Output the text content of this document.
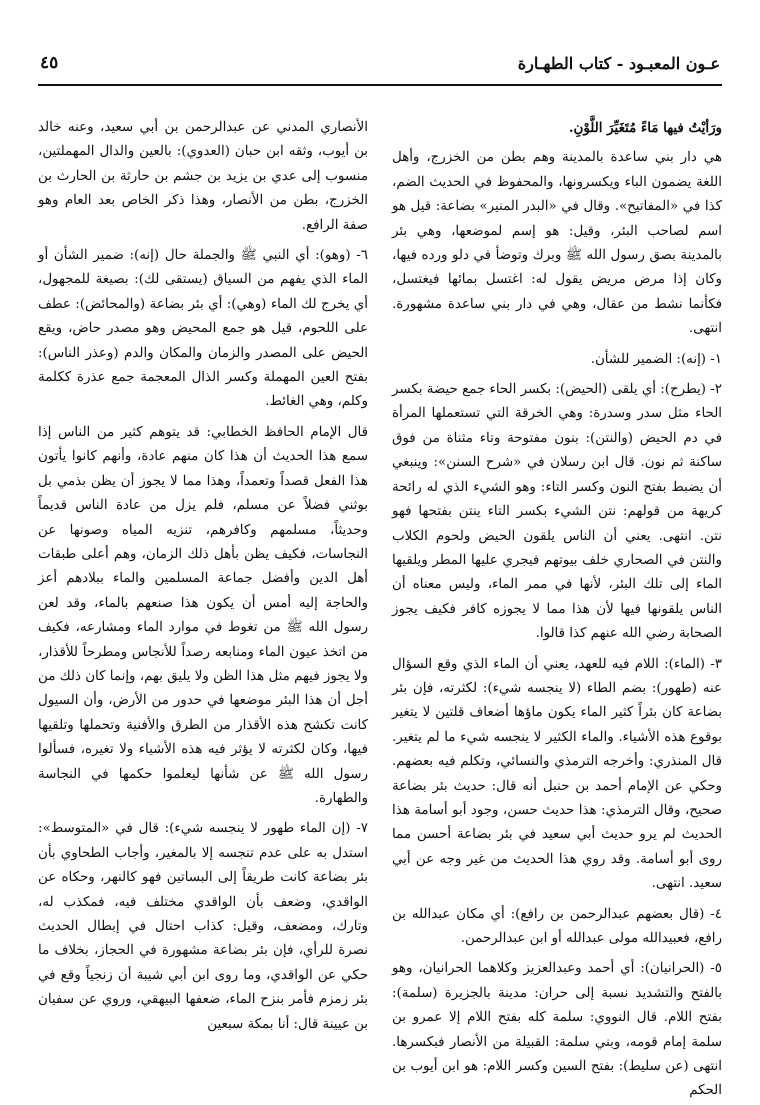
عـون المعبـود - كتاب الطهـارة
٤٥

ورَأيْتُ فيها مَاءً مُتَغَيِّرَ اللَّوْنِ.

هي دار بني ساعدة بالمدينة وهم بطن من الخزرج، وأهل اللغة يضمون الباء ويكسرونها، والمحفوظ في الحديث الضم، كذا في «المفاتيح». وقال في «البدر المنير» بضاعة: قيل هو اسم لصاحب البئر، وقيل: هو إسم لموضعها، وهي بئر بالمدينة بصق رسول الله ﷺ وبرك وتوضأ في دلو ورده فيها، وكان إذا مرض مريض يقول له: اغتسل بمائها فيغتسل، فكأنما نشط من عقال، وهي في دار بني ساعدة مشهورة. انتهى.

١- (إنه): الضمير للشأن.

٢- (يطرح): أي يلقى (الحيض): بكسر الحاء جمع حيضة بكسر الحاء مثل سدر وسدرة: وهي الخرقة التي تستعملها المرأة في دم الحيض (والنتن): بنون مفتوحة وتاء مثناة من فوق ساكنة ثم نون. قال ابن رسلان في «شرح السنن»: وينبغي أن يضبط بفتح النون وكسر التاء: وهو الشيء الذي له رائحة كريهة من قولهم: نتن الشيء بكسر التاء ينتن بفتحها فهو نتن. انتهى. يعني أن الناس يلقون الحيض ولحوم الكلاب والنتن في الصحاري خلف بيوتهم فيجري عليها المطر ويلقيها الماء إلى تلك البئر، لأنها في ممر الماء، وليس معناه أن الناس يلقونها فيها لأن هذا مما لا يجوزه كافر فكيف يجوز الصحابة رضي الله عنهم كذا قالوا.

٣- (الماء): اللام فيه للعهد، يعني أن الماء الذي وقع السؤال عنه (طهور): بضم الطاء (لا ينجسه شيء): لكثرته، فإن بئر بضاعة كان بئراً كثير الماء يكون ماؤها أضعاف قلتين لا يتغير بوقوع هذه الأشياء. والماء الكثير لا ينجسه شيء ما لم يتغير. قال المنذري: وأخرجه الترمذي والنسائي، وتكلم فيه بعضهم. وحكي عن الإمام أحمد بن حنبل أنه قال: حديث بئر بضاعة صحيح، وقال الترمذي: هذا حديث حسن، وجود أبو أسامة هذا الحديث لم يرو حديث أبي سعيد في بئر بضاعة أحسن مما روى أبو أسامة. وقد روي هذا الحديث من غير وجه عن أبي سعيد. انتهى.

٤- (قال بعضهم عبدالرحمن بن رافع): أي مكان عبدالله بن رافع، فعبيدالله مولى عبدالله أو ابن عبدالرحمن.

٥- (الحرانيان): أي أحمد وعبدالعزيز وكلاهما الحرانيان، وهو بالفتح والتشديد نسبة إلى حران: مدينة بالجزيرة (سلمة): بفتح اللام. قال النووي: سلمة كله بفتح اللام إلا عمرو بن سلمة إمام قومه، وبني سلمة: القبيلة من الأنصار فبكسرها. انتهى (عن سليط): بفتح السين وكسر اللام: هو ابن أيوب بن الحكم

الأنصاري المدني عن عبدالرحمن بن أبي سعيد، وعنه خالد بن أيوب، وثقه ابن حبان (العدوي): بالعين والدال المهملتين، منسوب إلى عدي بن يزيد بن جشم بن حارثة بن الحارث بن الخزرج، بطن من الأنصار، وهذا ذكر الخاص بعد العام وهو صفة الرافع.

٦- (وهو): أي النبي ﷺ والجملة حال (إنه): ضمير الشأن أو الماء الذي يفهم من السياق (يستقى لك): بصيغة للمجهول، أي يخرج لك الماء (وهي): أي بئر بضاعة (والمحائض): عطف على اللحوم، قيل هو جمع المحيض وهو مصدر حاض، ويقع الحيض على المصدر والزمان والمكان والدم (وعذر الناس): بفتح العين المهملة وكسر الذال المعجمة جمع عذرة ككلمة وكلم، وهي الغائط.

قال الإمام الحافظ الخطابي: قد يتوهم كثير من الناس إذا سمع هذا الحديث أن هذا كان منهم عادة، وأنهم كانوا يأتون هذا الفعل قصداً وتعمداً، وهذا مما لا يجوز أن يظن بذمي بل بوثني فضلاً عن مسلم، فلم يزل من عادة الناس قديماً وحديثاً، مسلمهم وكافرهم، تنزيه المياه وصونها عن النجاسات، فكيف يظن بأهل ذلك الزمان، وهم أعلى طبقات أهل الدين وأفضل جماعة المسلمين والماء ببلادهم أعز والحاجة إليه أمس أن يكون هذا صنعهم بالماء، وقد لعن رسول الله ﷺ من تغوط في موارد الماء ومشارعه، فكيف من اتخذ عيون الماء ومنابعه رصداً للأنجاس ومطرحاً للأقذار، ولا يجوز فيهم مثل هذا الظن ولا يليق بهم، وإنما كان ذلك من أجل أن هذا البئر موضعها في حدور من الأرض، وأن السيول كانت تكشح هذه الأقذار من الطرق والأفنية وتحملها وتلقيها فيها، وكان لكثرته لا يؤثر فيه هذه الأشياء ولا تغيره، فسألوا رسول الله ﷺ عن شأنها ليعلموا حكمها في النجاسة والطهارة.

٧- (إن الماء طهور لا ينجسه شيء): قال في «المتوسط»: استدل به على عدم تنجسه إلا بالمغير، وأجاب الطحاوي بأن بئر بضاعة كانت طريقاً إلى البساتين فهو كالنهر، وحكاه عن الواقدي، وضعف بأن الواقدي مختلف فيه، فمكذب له، وتارك، ومضعف، وقيل: كذاب احتال في إبطال الحديث نصرة للرأي، فإن بئر بضاعة مشهورة في الحجاز، بخلاف ما حكي عن الواقدي، وما روى ابن أبي شيبة أن زنجياً وقع في بئر زمزم فأمر بنزح الماء، ضعفها البيهقي، وروي عن سفيان بن عيينة قال: أنا بمكة سبعين
